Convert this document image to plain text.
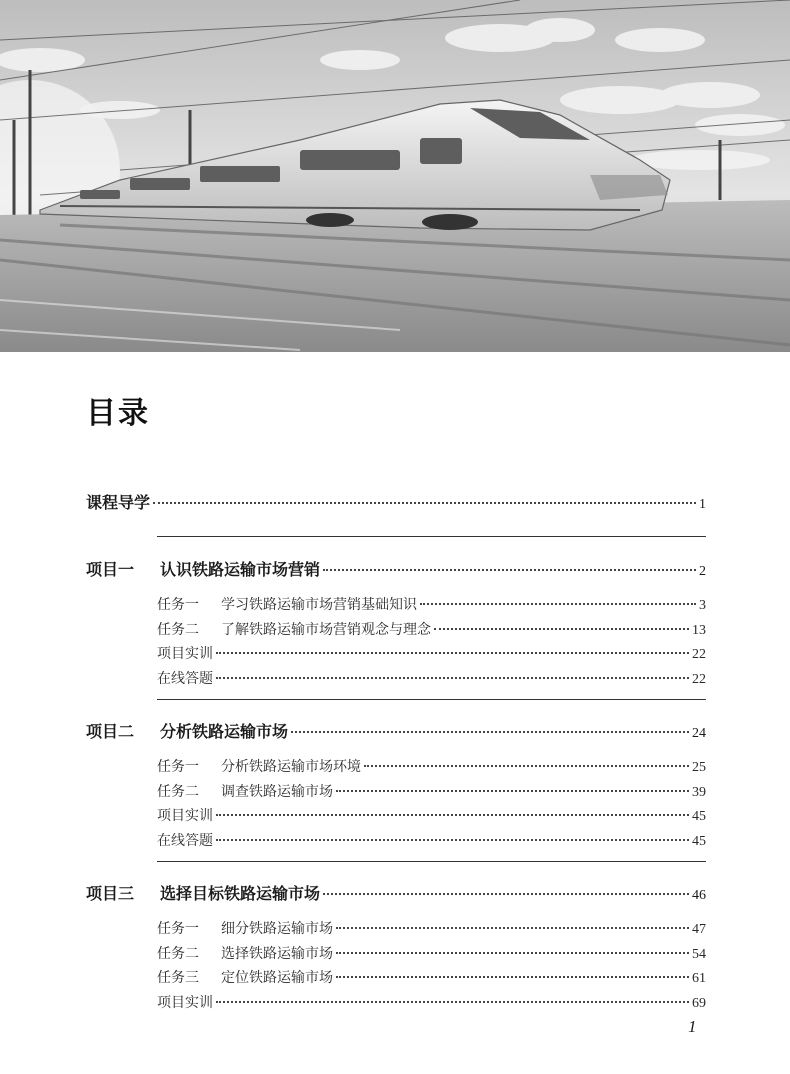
目录
课程导学	1
项目一 认识铁路运输市场营销	2
任务一 学习铁路运输市场营销基础知识	3
任务二 了解铁路运输市场营销观念与理念	13
项目实训	22
在线答题	22
项目二 分析铁路运输市场	24
任务一 分析铁路运输市场环境	25
任务二 调查铁路运输市场	39
项目实训	45
在线答题	45
项目三 选择目标铁路运输市场	46
任务一 细分铁路运输市场	47
任务二 选择铁路运输市场	54
任务三 定位铁路运输市场	61
项目实训	69
1
